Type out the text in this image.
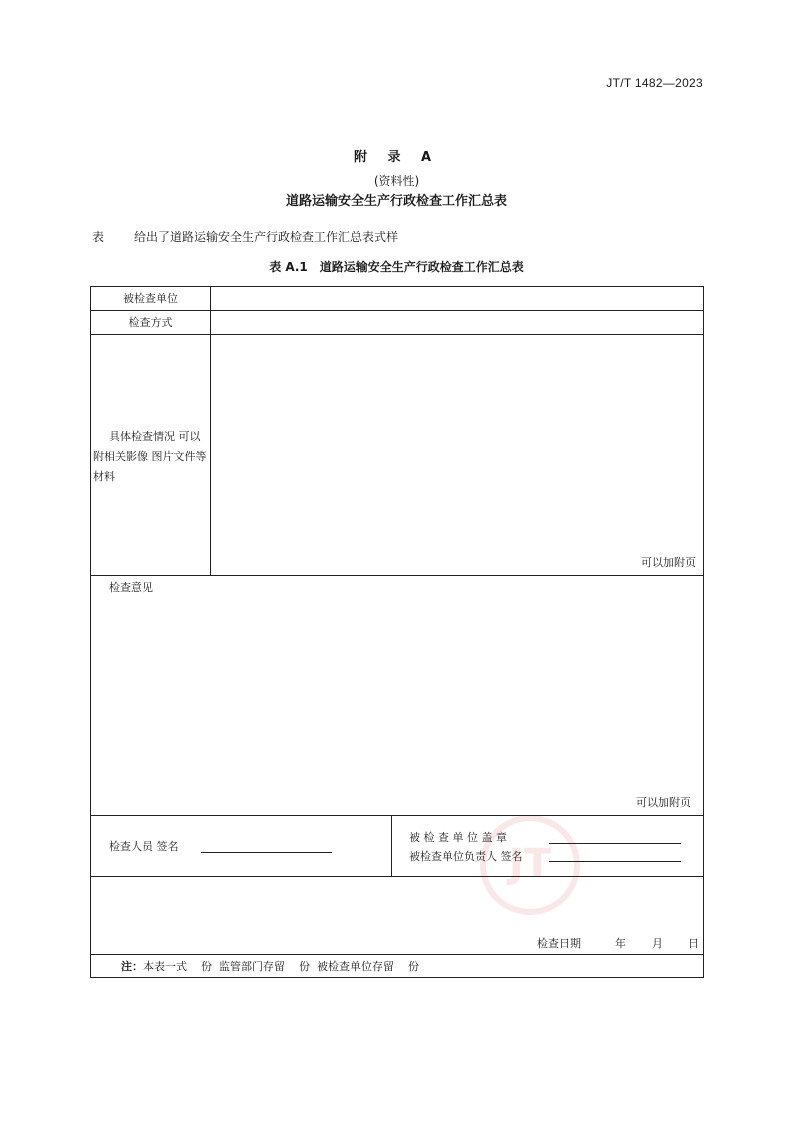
JT/T 1482—2023
附 录 A
(资料性)
道路运输安全生产行政检查工作汇总表
表	给出了道路运输安全生产行政检查工作汇总表式样
表 A.1　道路运输安全生产行政检查工作汇总表
JT
被检查单位
检查方式
具体检查情况 可以附相关影像 图片文件等材料
可以加附页
检查意见
可以加附页
检查人员 签名
被 检 查 单 位 盖 章
被检查单位负责人 签名
检查日期	年 月 日
注：本表一式    份  监管部门存留    份  被检查单位存留    份
